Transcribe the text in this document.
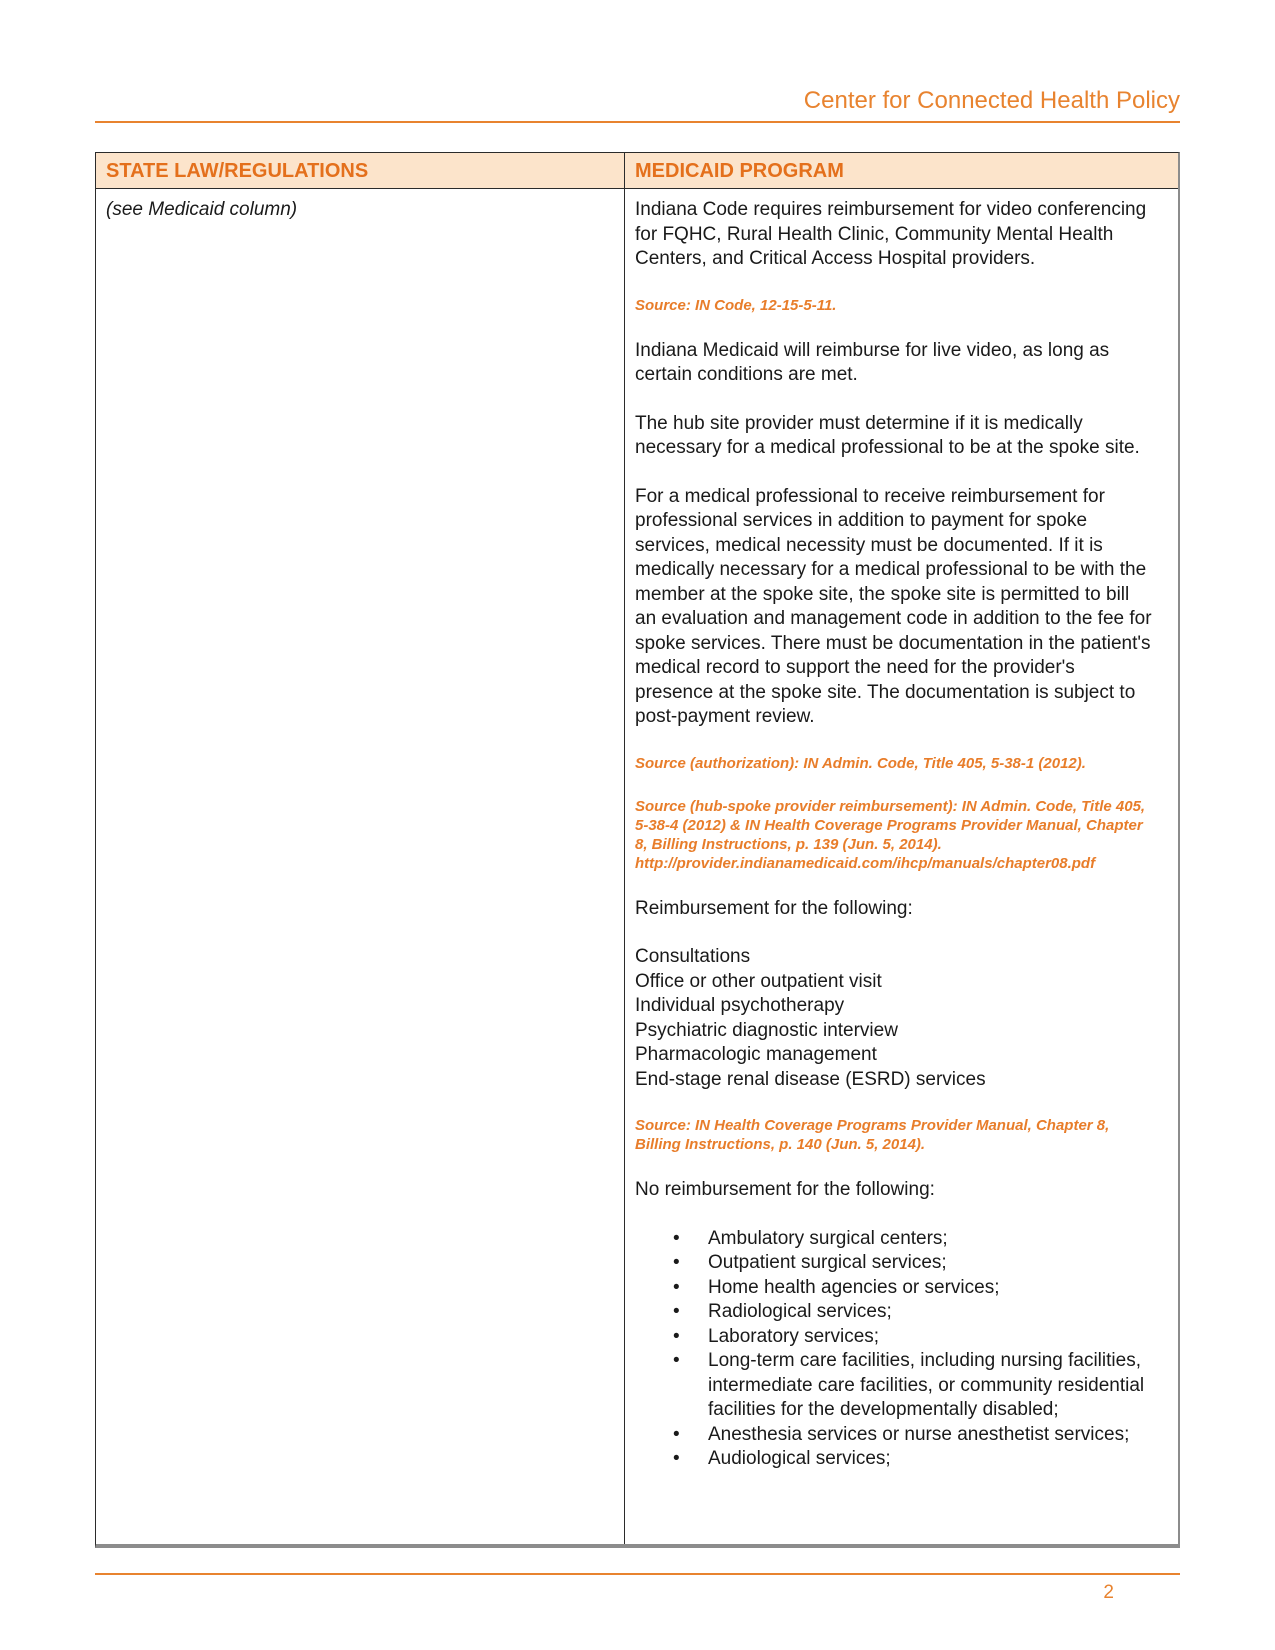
Center for Connected Health Policy
STATE LAW/REGULATIONS	MEDICAID PROGRAM

(see Medicaid column)	Indiana Code requires reimbursement for video conferencing for FQHC, Rural Health Clinic, Community Mental Health Centers, and Critical Access Hospital providers.

Source: IN Code, 12-15-5-11.

Indiana Medicaid will reimburse for live video, as long as certain conditions are met.

The hub site provider must determine if it is medically necessary for a medical professional to be at the spoke site.

For a medical professional to receive reimbursement for professional services in addition to payment for spoke services, medical necessity must be documented. If it is medically necessary for a medical professional to be with the member at the spoke site, the spoke site is permitted to bill an evaluation and management code in addition to the fee for spoke services. There must be documentation in the patient's medical record to support the need for the provider's presence at the spoke site. The documentation is subject to post-payment review.

Source (authorization): IN Admin. Code, Title 405, 5-38-1 (2012).

Source (hub-spoke provider reimbursement): IN Admin. Code, Title 405, 5-38-4 (2012) & IN Health Coverage Programs Provider Manual, Chapter 8, Billing Instructions, p. 139 (Jun. 5, 2014).

http://provider.indianamedicaid.com/ihcp/manuals/chapter08.pdf

Reimbursement for the following:

Consultations
Office or other outpatient visit
Individual psychotherapy
Psychiatric diagnostic interview
Pharmacologic management
End-stage renal disease (ESRD) services

Source: IN Health Coverage Programs Provider Manual, Chapter 8, Billing Instructions, p. 140 (Jun. 5, 2014).

No reimbursement for the following:

• Ambulatory surgical centers;
• Outpatient surgical services;
• Home health agencies or services;
• Radiological services;
• Laboratory services;
• Long-term care facilities, including nursing facilities, intermediate care facilities, or community residential facilities for the developmentally disabled;
• Anesthesia services or nurse anesthetist services;
• Audiological services;
2
